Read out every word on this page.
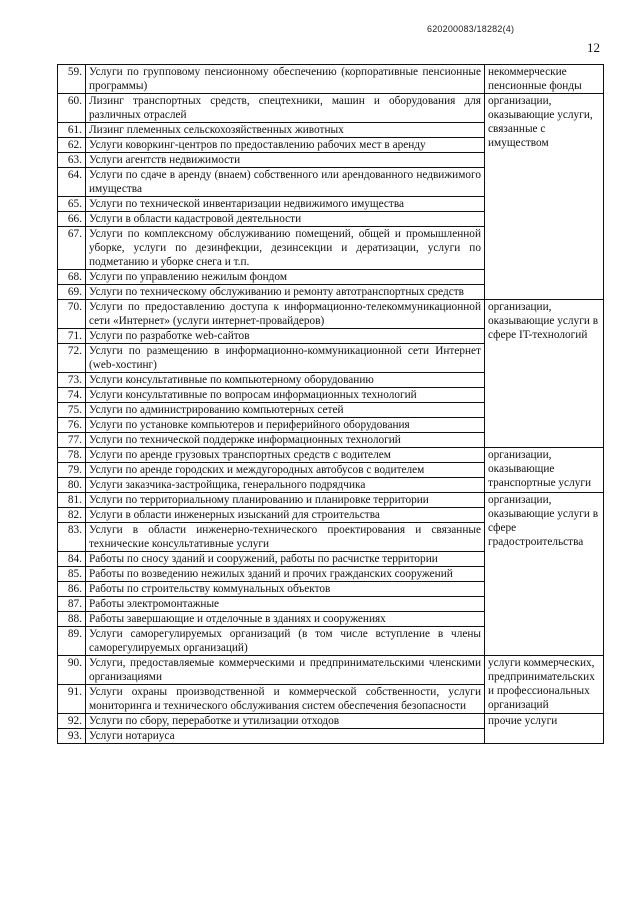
620200083/18282(4)
12
59.	Услуги по групповому пенсионному обеспечению (корпоративные пенсионные программы)	некоммерческие пенсионные фонды
60.	Лизинг транспортных средств, спецтехники, машин и оборудования для различных отраслей	организации, оказывающие услуги, связанные с имуществом
61.	Лизинг племенных сельскохозяйственных животных	
62.	Услуги коворкинг-центров по предоставлению рабочих мест в аренду	
63.	Услуги агентств недвижимости	
64.	Услуги по сдаче в аренду (внаем) собственного или арендованного недвижимого имущества	
65.	Услуги по технической инвентаризации недвижимого имущества	
66.	Услуги в области кадастровой деятельности	
67.	Услуги по комплексному обслуживанию помещений, общей и промышленной уборке, услуги по дезинфекции, дезинсекции и дератизации, услуги по подметанию и уборке снега и т.п.	
68.	Услуги по управлению нежилым фондом	
69.	Услуги по техническому обслуживанию и ремонту автотранспортных средств	
70.	Услуги по предоставлению доступа к информационно-телекоммуникационной сети «Интернет» (услуги интернет-провайдеров)	организации, оказывающие услуги в сфере IT-технологий
71.	Услуги по разработке web-сайтов	
72.	Услуги по размещению в информационно-коммуникационной сети Интернет (web-хостинг)	
73.	Услуги консультативные по компьютерному оборудованию	
74.	Услуги консультативные по вопросам информационных технологий	
75.	Услуги по администрированию компьютерных сетей	
76.	Услуги по установке компьютеров и периферийного оборудования	
77.	Услуги по технической поддержке информационных технологий	
78.	Услуги по аренде грузовых транспортных средств с водителем	организации, оказывающие транспортные услуги
79.	Услуги по аренде городских и междугородных автобусов с водителем	
80.	Услуги заказчика-застройщика, генерального подрядчика	
81.	Услуги по территориальному планированию и планировке территории	организации, оказывающие услуги в сфере градостроительства
82.	Услуги в области инженерных изысканий для строительства	
83.	Услуги в области инженерно-технического проектирования и связанные технические консультативные услуги	
84.	Работы по сносу зданий и сооружений, работы по расчистке территории	
85.	Работы по возведению нежилых зданий и прочих гражданских сооружений	
86.	Работы по строительству коммунальных объектов	
87.	Работы электромонтажные	
88.	Работы завершающие и отделочные в зданиях и сооружениях	
89.	Услуги саморегулируемых организаций (в том числе вступление в члены саморегулируемых организаций)	
90.	Услуги, предоставляемые коммерческими и предпринимательскими членскими организациями	услуги коммерческих, предпринимательских и профессиональных организаций
91.	Услуги охраны производственной и коммерческой собственности, услуги мониторинга и технического обслуживания систем обеспечения безопасности	
92.	Услуги по сбору, переработке и утилизации отходов	прочие услуги
93.	Услуги нотариуса	
